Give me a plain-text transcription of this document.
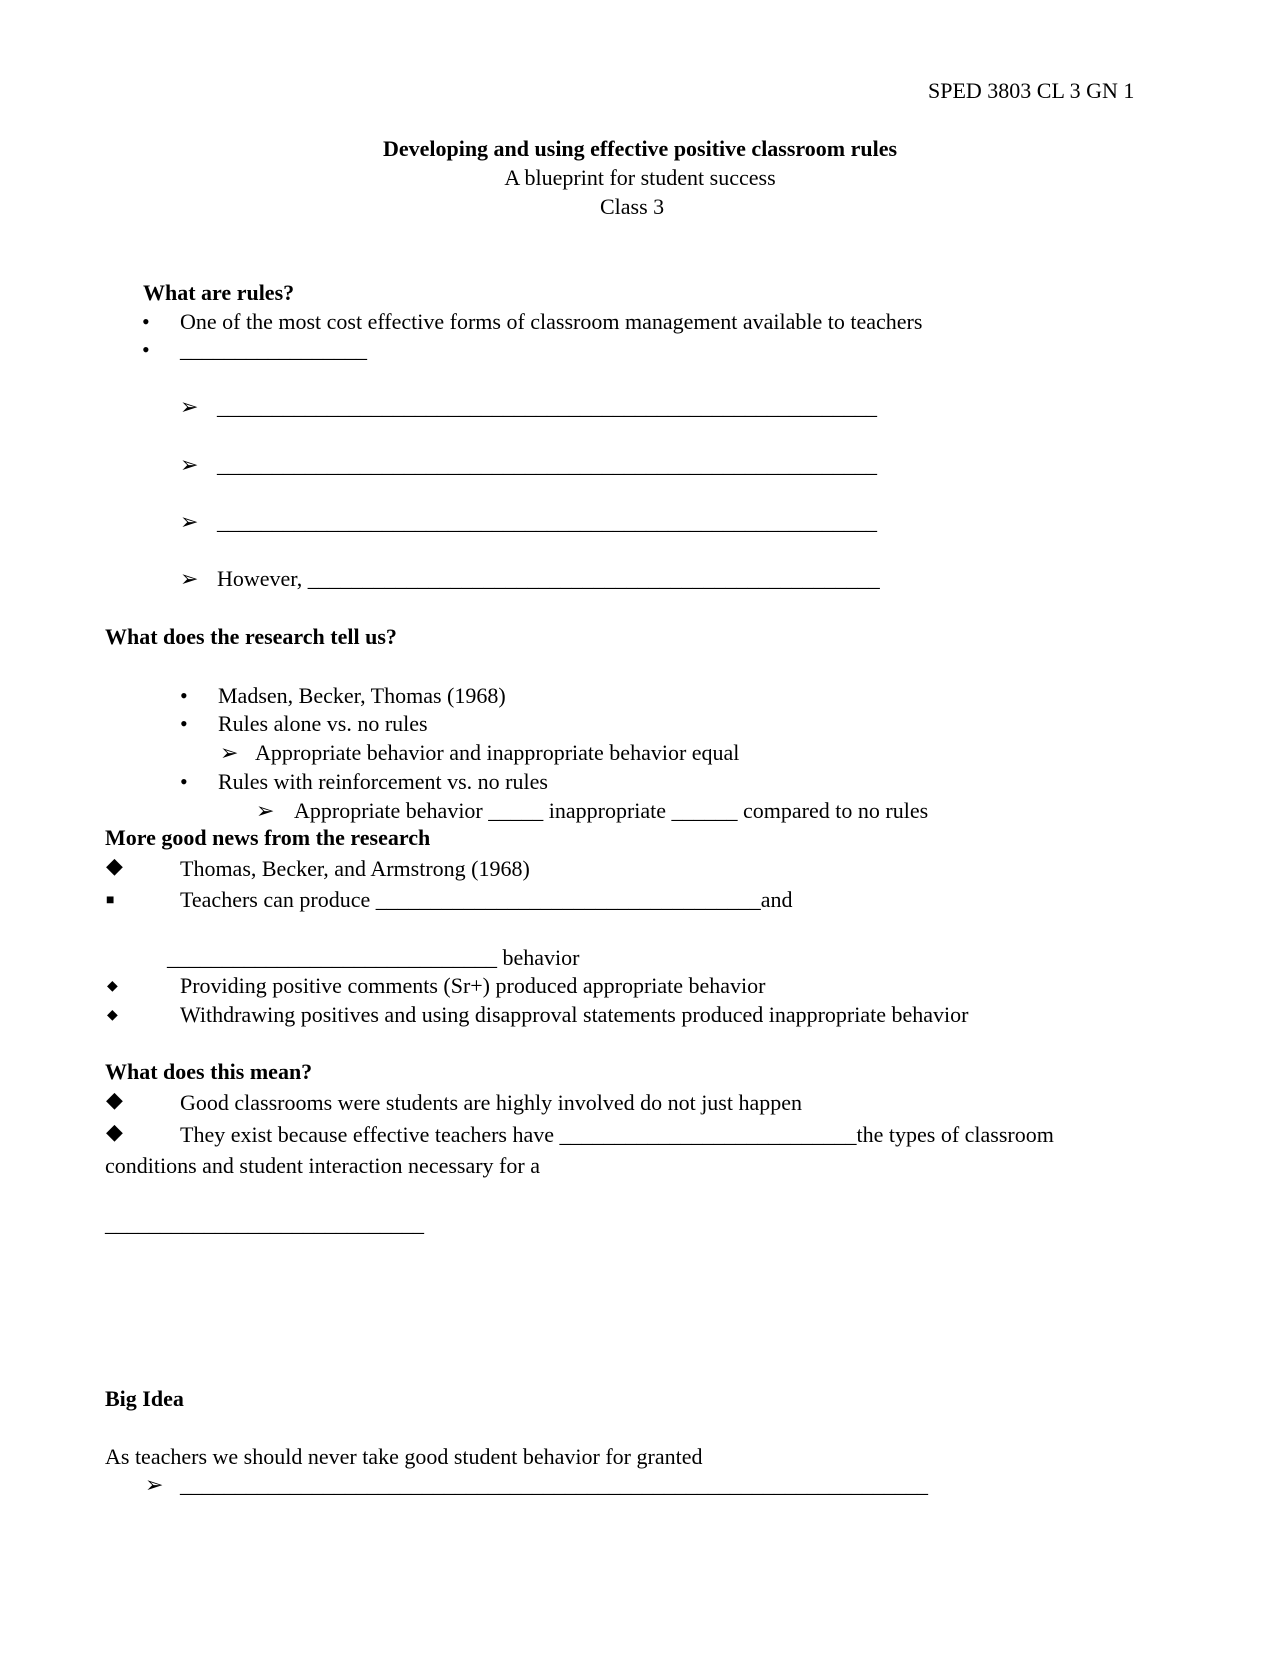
SPED 3803 CL 3 GN 1
Developing and using effective positive classroom rules
A blueprint for student success
Class 3
What are rules?
• One of the most cost effective forms of classroom management available to teachers
• _________________
➢ ____________________________________________________________
➢ ____________________________________________________________
➢ ____________________________________________________________
➢ However, ____________________________________________________
What does the research tell us?
• Madsen, Becker, Thomas (1968)
• Rules alone vs. no rules
➢ Appropriate behavior and inappropriate behavior equal
• Rules with reinforcement vs. no rules
➢ Appropriate behavior _____ inappropriate ______ compared to no rules
More good news from the research
◆	Thomas, Becker, and Armstrong (1968)
■	Teachers can produce ___________________________________and
______________________________ behavior
◆	Providing positive comments (Sr+) produced appropriate behavior
◆	Withdrawing positives and using disapproval statements produced inappropriate behavior
What does this mean?
◆	Good classrooms were students are highly involved do not just happen
◆	They exist because effective teachers have ___________________________the types of classroom
conditions and student interaction necessary for a
_____________________________
Big Idea
As teachers we should never take good student behavior for granted
➢ ____________________________________________________________________
